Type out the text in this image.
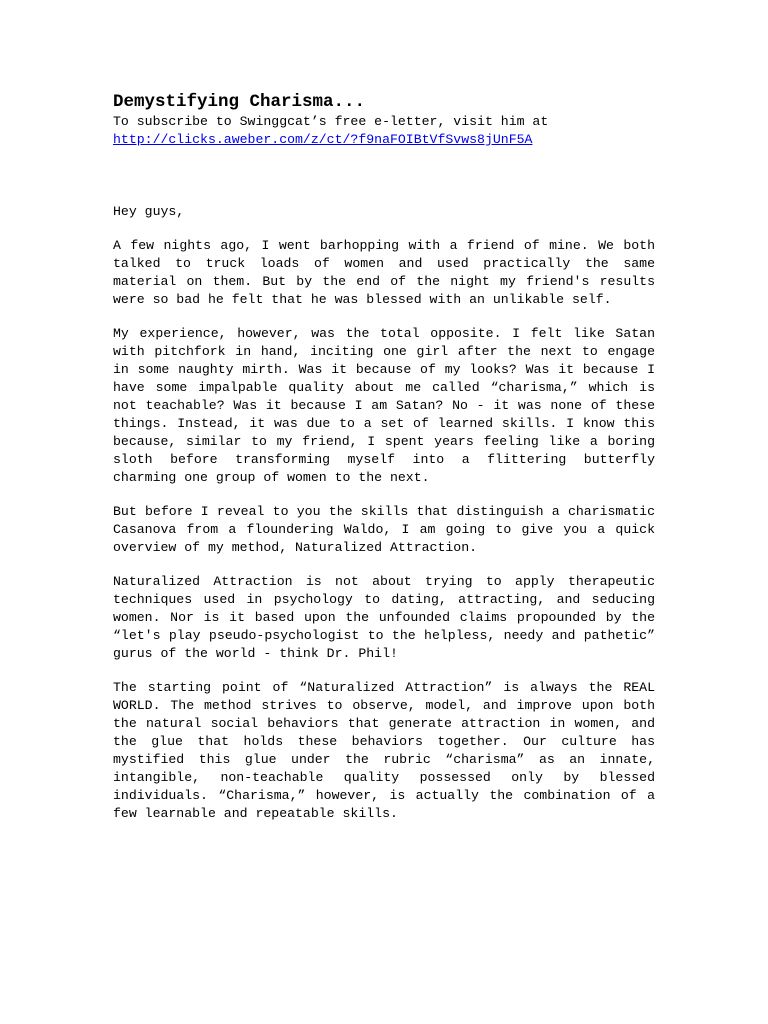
Demystifying Charisma...

To subscribe to Swinggcat’s free e-letter, visit him at

http://clicks.aweber.com/z/ct/?f9naFOIBtVfSvws8jUnF5A

Hey guys,

A few nights ago, I went barhopping with a friend of mine. We both talked to truck loads of women and used practically the same material on them. But by the end of the night my friend's results were so bad he felt that he was blessed with an unlikable self.

My experience, however, was the total opposite. I felt like Satan with pitchfork in hand, inciting one girl after the next to engage in some naughty mirth. Was it because of my looks? Was it because I have some impalpable quality about me called “charisma,” which is not teachable? Was it because I am Satan? No - it was none of these things. Instead, it was due to a set of learned skills. I know this because, similar to my friend, I spent years feeling like a boring sloth before transforming myself into a flittering butterfly charming one group of women to the next.

But before I reveal to you the skills that distinguish a charismatic Casanova from a floundering Waldo, I am going to give you a quick overview of my method, Naturalized Attraction.

Naturalized Attraction is not about trying to apply therapeutic techniques used in psychology to dating, attracting, and seducing women. Nor is it based upon the unfounded claims propounded by the “let's play pseudo-psychologist to the helpless, needy and pathetic” gurus of the world - think Dr. Phil!

The starting point of “Naturalized Attraction” is always the REAL WORLD. The method strives to observe, model, and improve upon both the natural social behaviors that generate attraction in women, and the glue that holds these behaviors together. Our culture has mystified this glue under the rubric “charisma” as an innate, intangible, non-teachable quality possessed only by blessed individuals. “Charisma,” however, is actually the combination of a few learnable and repeatable skills.
